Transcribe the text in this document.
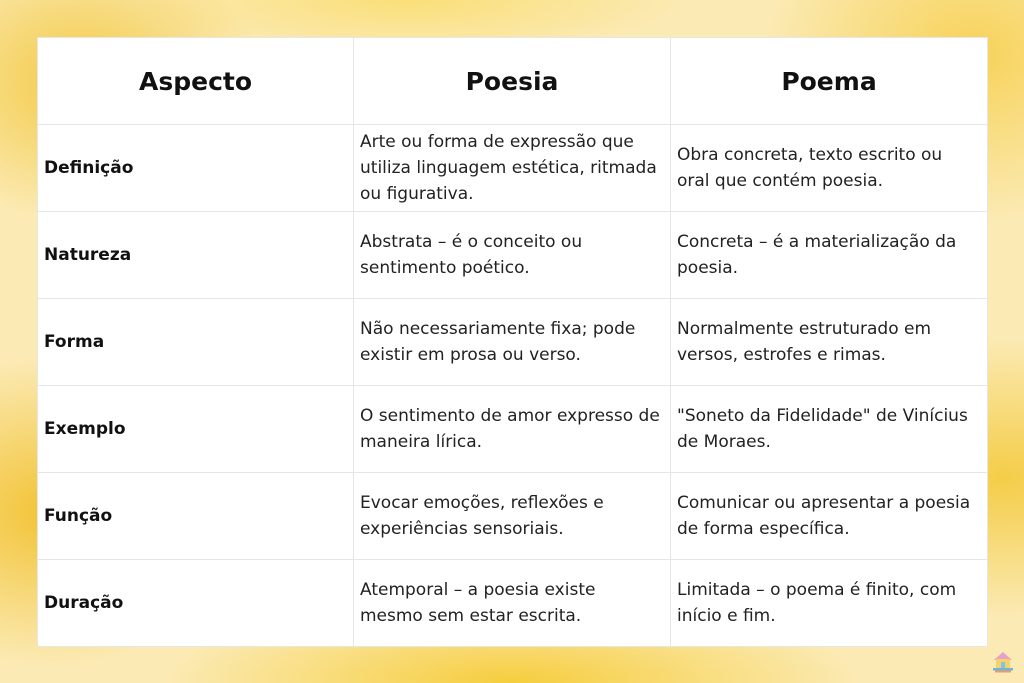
Aspecto	Poesia	Poema
Definição	Arte ou forma de expressão que utiliza linguagem estética, ritmada ou figurativa.	Obra concreta, texto escrito ou oral que contém poesia.
Natureza	Abstrata – é o conceito ou sentimento poético.	Concreta – é a materialização da poesia.
Forma	Não necessariamente fixa; pode existir em prosa ou verso.	Normalmente estruturado em versos, estrofes e rimas.
Exemplo	O sentimento de amor expresso de maneira lírica.	"Soneto da Fidelidade" de Vinícius de Moraes.
Função	Evocar emoções, reflexões e experiências sensoriais.	Comunicar ou apresentar a poesia de forma específica.
Duração	Atemporal – a poesia existe mesmo sem estar escrita.	Limitada – o poema é finito, com início e fim.
